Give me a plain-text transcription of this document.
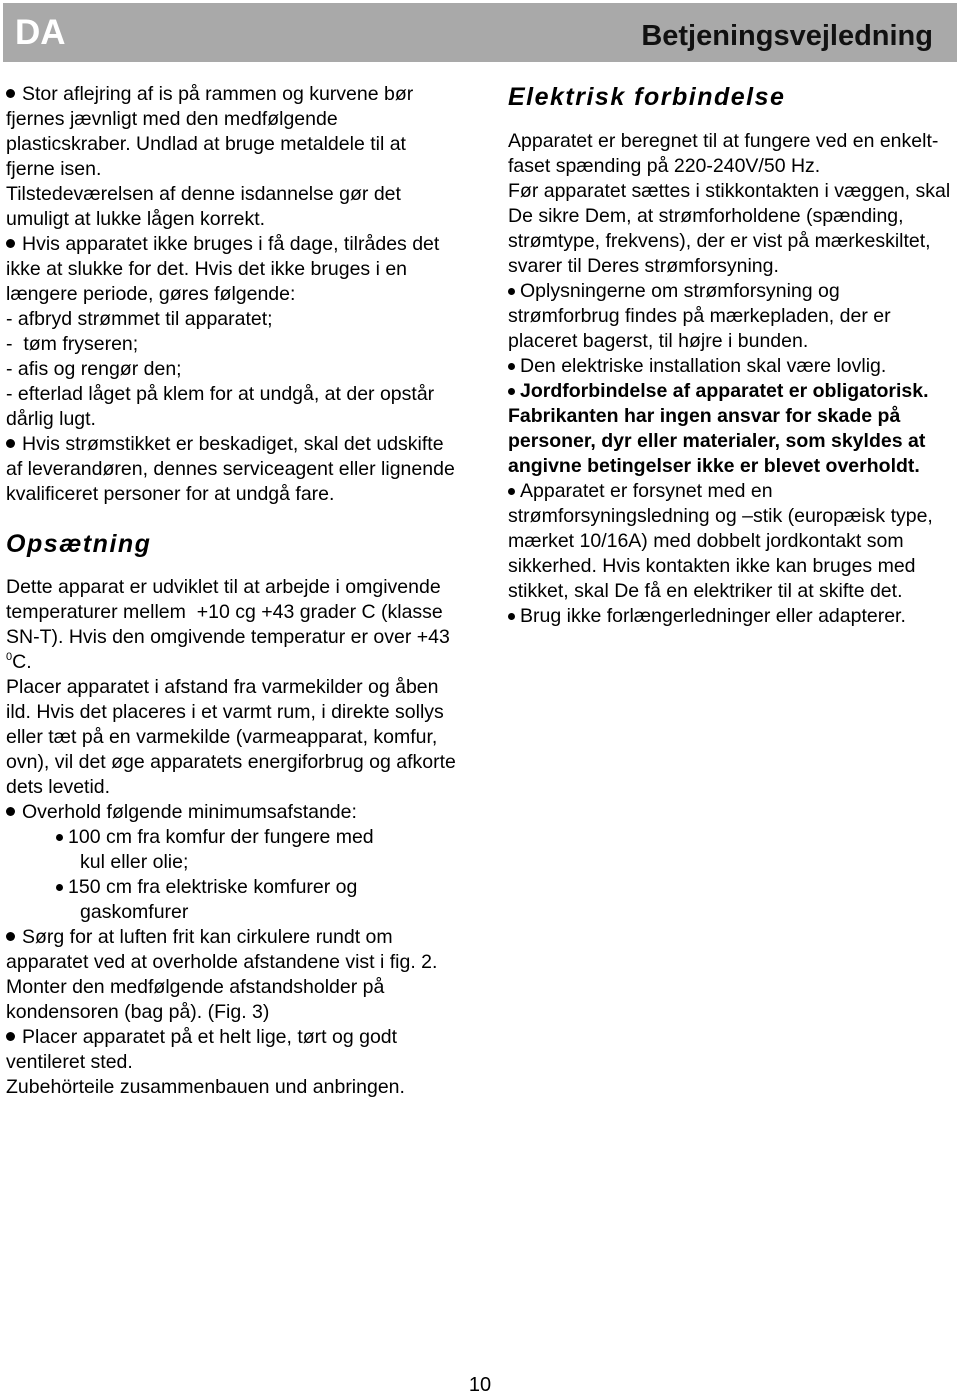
DA	Betjeningsvejledning

Stor aflejring af is på rammen og kurvene bør fjernes jævnligt med den medfølgende plasticskraber. Undlad at bruge metaldele til at fjerne isen.

Tilstedeværelsen af denne isdannelse gør det umuligt at lukke lågen korrekt.

Hvis apparatet ikke bruges i få dage, tilrådes det ikke at slukke for det. Hvis det ikke bruges i en længere periode, gøres følgende:

- afbryd strømmet til apparatet;

-  tøm fryseren;

- afis og rengør den;

- efterlad låget på klem for at undgå, at der opstår dårlig lugt.

Hvis strømstikket er beskadiget, skal det udskifte af leverandøren, dennes serviceagent eller lignende kvalificeret personer for at undgå fare.

Opsætning

Dette apparat er udviklet til at arbejde i omgivende temperaturer mellem  +10 cg +43 grader C (klasse SN-T). Hvis den omgivende temperatur er over +43 $^0$C.

Placer apparatet i afstand fra varmekilder og åben ild. Hvis det placeres i et varmt rum, i direkte sollys eller tæt på en varmekilde (varmeapparat, komfur, ovn), vil det øge apparatets energiforbrug og afkorte dets levetid.

Overhold følgende minimumsafstande:

100 cm fra komfur der fungere med

kul eller olie;

150 cm fra elektriske komfurer og

gaskomfurer

Sørg for at luften frit kan cirkulere rundt om apparatet ved at overholde afstandene vist i fig. 2.

Monter den medfølgende afstandsholder på kondensoren (bag på). (Fig. 3)

Placer apparatet på et helt lige, tørt og godt ventileret sted.

Zubehörteile zusammenbauen und anbringen.

Elektrisk forbindelse

Apparatet er beregnet til at fungere ved en enkelt-faset spænding på 220-240V/50 Hz.

Før apparatet sættes i stikkontakten i væggen, skal De sikre Dem, at strømforholdene (spænding, strømtype, frekvens), der er vist på mærkeskiltet, svarer til Deres strømforsyning.

Oplysningerne om strømforsyning og strømforbrug findes på mærkepladen, der er placeret bagerst, til højre i bunden.

Den elektriske installation skal være lovlig.

Jordforbindelse af apparatet er obligatorisk. Fabrikanten har ingen ansvar for skade på personer, dyr eller materialer, som skyldes at angivne betingelser ikke er blevet overholdt.

Apparatet er forsynet med en strømforsyningsledning og –stik (europæisk type, mærket 10/16A) med dobbelt jordkontakt som sikkerhed. Hvis kontakten ikke kan bruges med stikket, skal De få en elektriker til at skifte det.

Brug ikke forlængerledninger eller adapterer.

10
